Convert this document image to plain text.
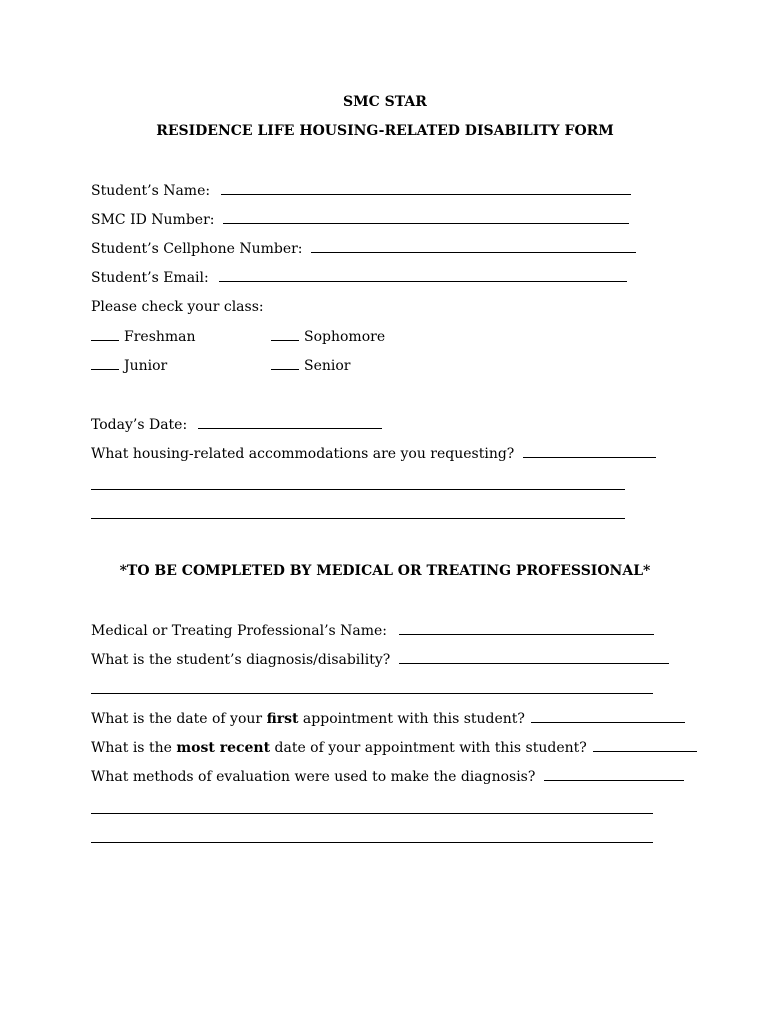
SMC STAR
RESIDENCE LIFE HOUSING-RELATED DISABILITY FORM
Student’s Name:
SMC ID Number:
Student’s Cellphone Number:
Student’s Email:
Please check your class:
Freshman	Sophomore
Junior	Senior
Today’s Date:
What housing-related accommodations are you requesting?
*TO BE COMPLETED BY MEDICAL OR TREATING PROFESSIONAL*
Medical or Treating Professional’s Name:
What is the student’s diagnosis/disability?
What is the date of your first appointment with this student?
What is the most recent date of your appointment with this student?
What methods of evaluation were used to make the diagnosis?
